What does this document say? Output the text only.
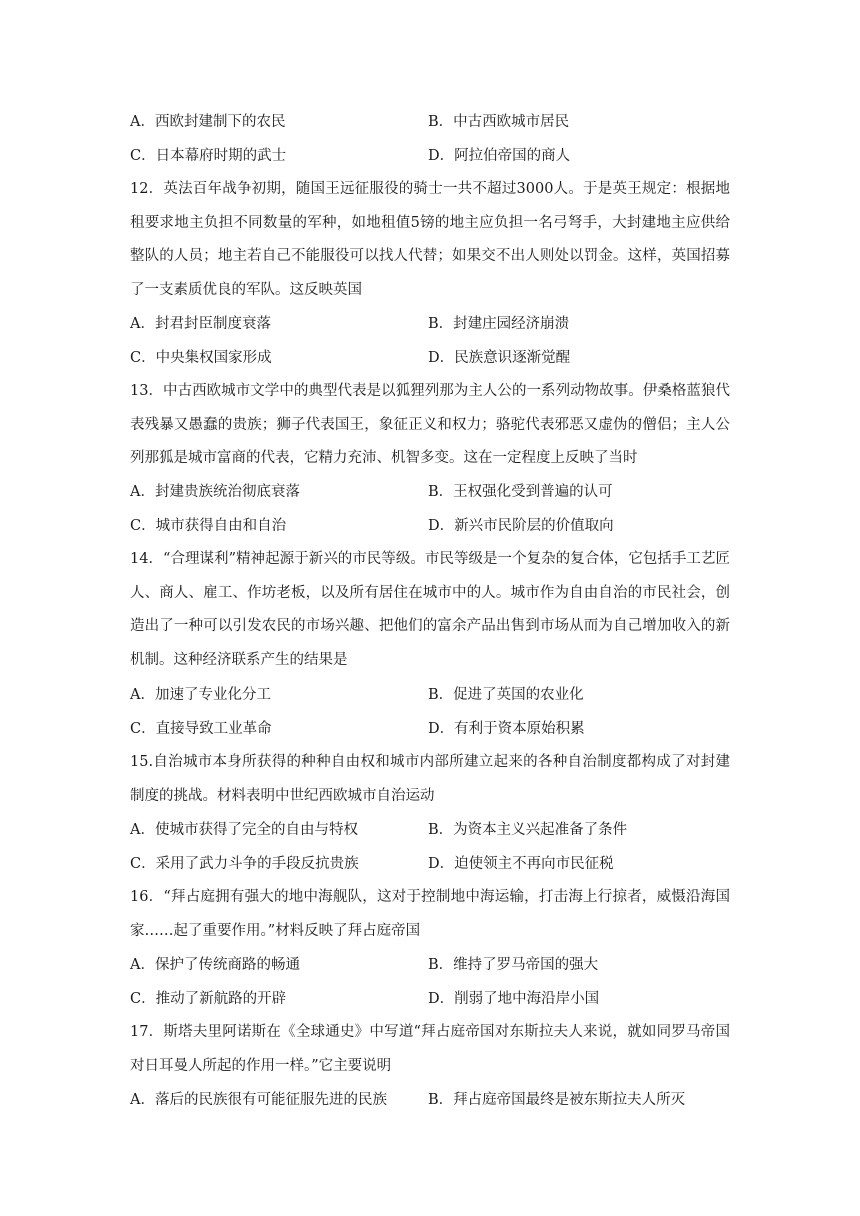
A．西欧封建制下的农民	B．中古西欧城市居民
C．日本幕府时期的武士	D．阿拉伯帝国的商人
12．英法百年战争初期，随国王远征服役的骑士一共不超过3000人。于是英王规定：根据地租要求地主负担不同数量的军种，如地租值5镑的地主应负担一名弓弩手，大封建地主应供给整队的人员；地主若自己不能服役可以找人代替；如果交不出人则处以罚金。这样，英国招募了一支素质优良的军队。这反映英国
A．封君封臣制度衰落	B．封建庄园经济崩溃
C．中央集权国家形成	D．民族意识逐渐觉醒
13．中古西欧城市文学中的典型代表是以狐狸列那为主人公的一系列动物故事。伊桑格蓝狼代表残暴又愚蠢的贵族；狮子代表国王，象征正义和权力；骆驼代表邪恶又虚伪的僧侣；主人公列那狐是城市富商的代表，它精力充沛、机智多变。这在一定程度上反映了当时
A．封建贵族统治彻底衰落	B．王权强化受到普遍的认可
C．城市获得自由和自治	D．新兴市民阶层的价值取向
14．“合理谋利”精神起源于新兴的市民等级。市民等级是一个复杂的复合体，它包括手工艺匠人、商人、雇工、作坊老板，以及所有居住在城市中的人。城市作为自由自治的市民社会，创造出了一种可以引发农民的市场兴趣、把他们的富余产品出售到市场从而为自己增加收入的新机制。这种经济联系产生的结果是
A．加速了专业化分工	B．促进了英国的农业化
C．直接导致工业革命	D．有利于资本原始积累
15.自治城市本身所获得的种种自由权和城市内部所建立起来的各种自治制度都构成了对封建制度的挑战。材料表明中世纪西欧城市自治运动
A．使城市获得了完全的自由与特权	B．为资本主义兴起准备了条件
C．采用了武力斗争的手段反抗贵族	D．迫使领主不再向市民征税
16．“拜占庭拥有强大的地中海舰队，这对于控制地中海运输，打击海上行掠者，威慑沿海国家……起了重要作用。”材料反映了拜占庭帝国
A．保护了传统商路的畅通	B．维持了罗马帝国的强大
C．推动了新航路的开辟	D．削弱了地中海沿岸小国
17．斯塔夫里阿诺斯在《全球通史》中写道“拜占庭帝国对东斯拉夫人来说，就如同罗马帝国对日耳曼人所起的作用一样。”它主要说明
A．落后的民族很有可能征服先进的民族	B．拜占庭帝国最终是被东斯拉夫人所灭
